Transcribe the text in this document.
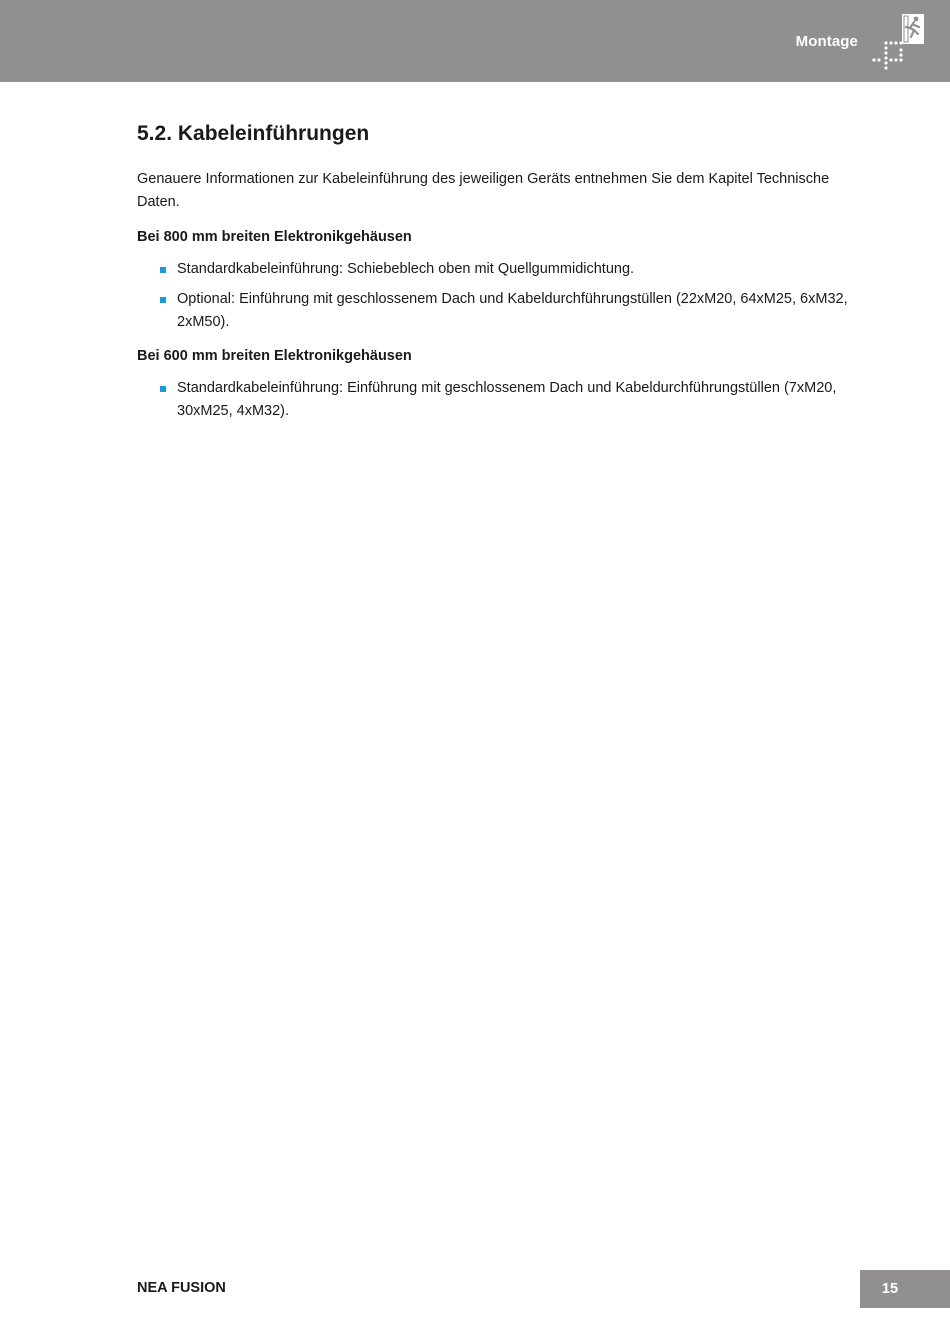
Montage
5.2. Kabeleinführungen

Genauere Informationen zur Kabeleinführung des jeweiligen Geräts entnehmen Sie dem Kapitel Technische Daten.

Bei 800 mm breiten Elektronikgehäusen
Standardkabeleinführung: Schiebeblech oben mit Quellgummidichtung.
Optional: Einführung mit geschlossenem Dach und Kabeldurchführungstüllen (22xM20, 64xM25, 6xM32, 2xM50).
Bei 600 mm breiten Elektronikgehäusen
Standardkabeleinführung: Einführung mit geschlossenem Dach und Kabeldurchführungstüllen (7xM20, 30xM25, 4xM32).
NEA FUSION	15
